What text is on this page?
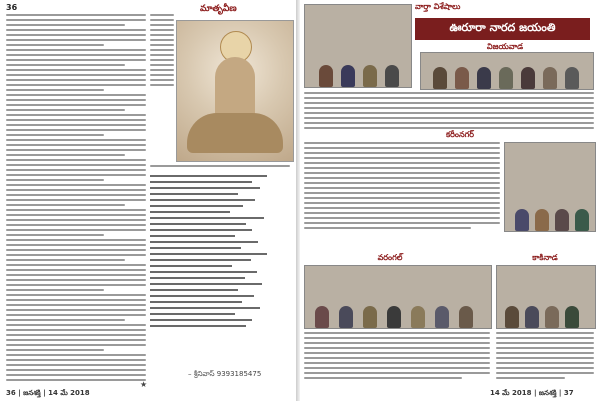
36	మాతృవీణ
– శ్రీనివాస్ 9393185475
★
36 | జనశక్తి | 14 మే 2018
వార్తా విశేషాలు
ఊరూరా నారద జయంతి
విజయవాడ
కరీంనగర్
వరంగల్	కాకినాడ
14 మే 2018 | జనశక్తి | 37
